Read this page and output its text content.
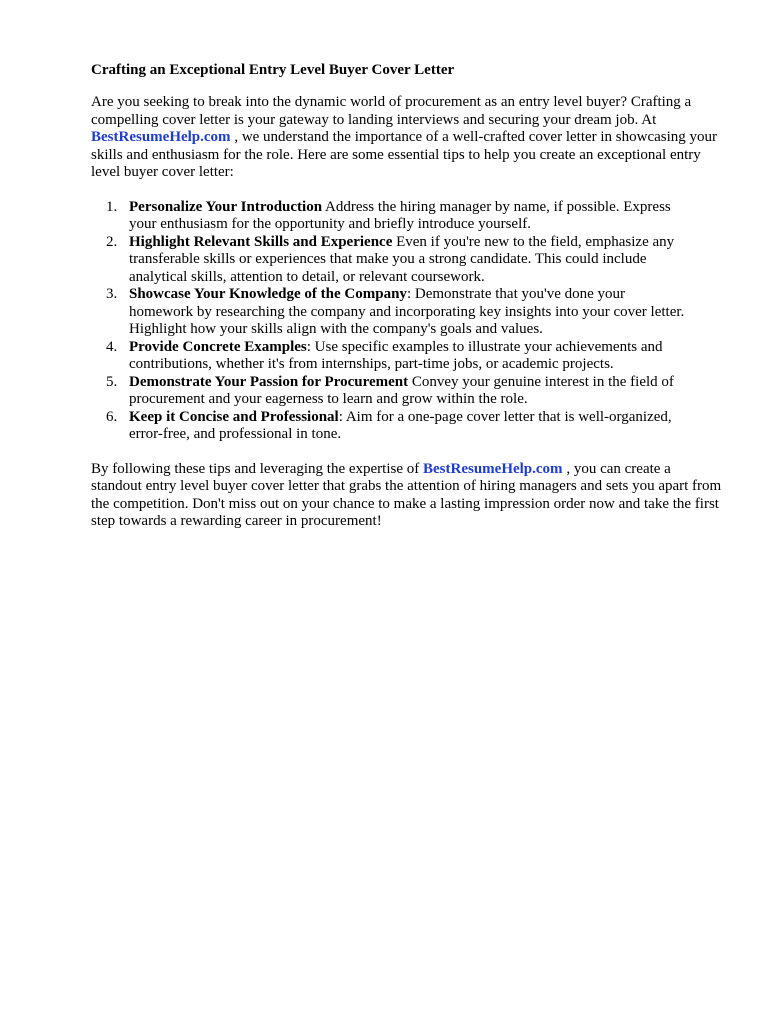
Crafting an Exceptional Entry Level Buyer Cover Letter

Are you seeking to break into the dynamic world of procurement as an entry level buyer? Crafting a compelling cover letter is your gateway to landing interviews and securing your dream job. At BestResumeHelp.com , we understand the importance of a well-crafted cover letter in showcasing your skills and enthusiasm for the role. Here are some essential tips to help you create an exceptional entry level buyer cover letter:

1. Personalize Your Introduction Address the hiring manager by name, if possible. Express your enthusiasm for the opportunity and briefly introduce yourself.
2. Highlight Relevant Skills and Experience Even if you're new to the field, emphasize any transferable skills or experiences that make you a strong candidate. This could include analytical skills, attention to detail, or relevant coursework.
3. Showcase Your Knowledge of the Company: Demonstrate that you've done your homework by researching the company and incorporating key insights into your cover letter. Highlight how your skills align with the company's goals and values.
4. Provide Concrete Examples: Use specific examples to illustrate your achievements and contributions, whether it's from internships, part-time jobs, or academic projects.
5. Demonstrate Your Passion for Procurement Convey your genuine interest in the field of procurement and your eagerness to learn and grow within the role.
6. Keep it Concise and Professional: Aim for a one-page cover letter that is well-organized, error-free, and professional in tone.

By following these tips and leveraging the expertise of BestResumeHelp.com , you can create a standout entry level buyer cover letter that grabs the attention of hiring managers and sets you apart from the competition. Don't miss out on your chance to make a lasting impression order now and take the first step towards a rewarding career in procurement!
